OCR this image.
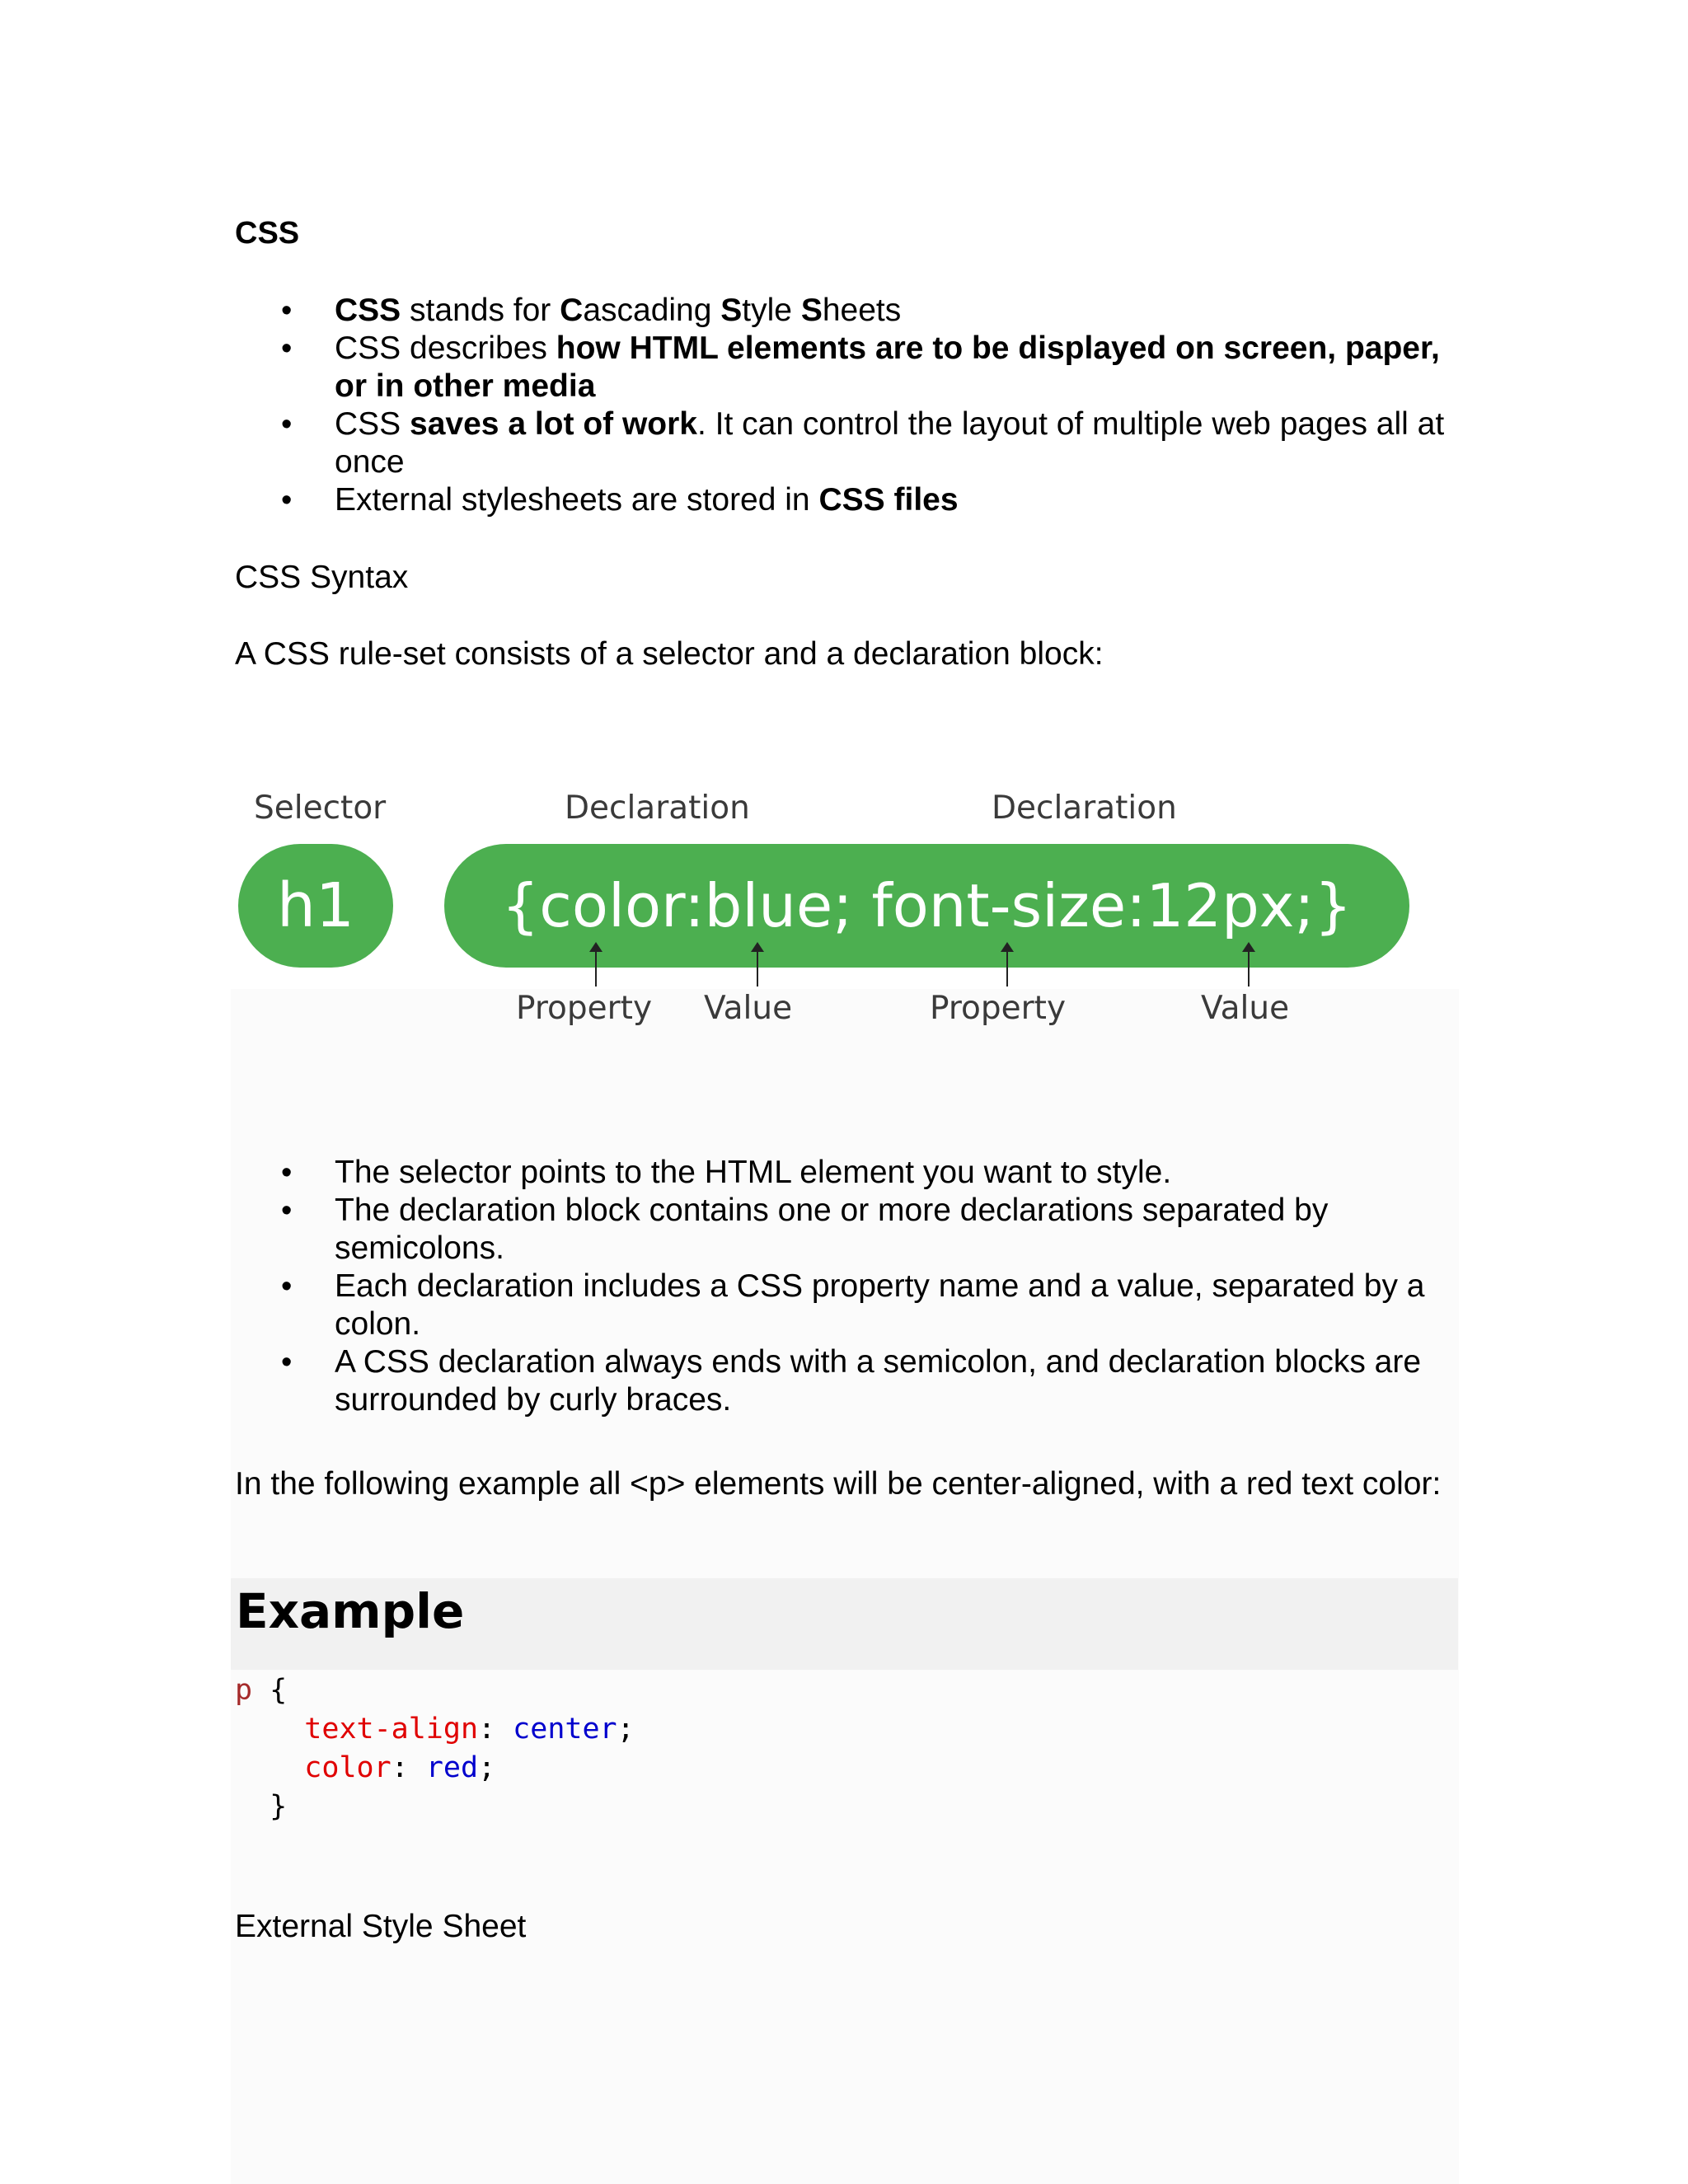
CSS
• CSS stands for Cascading Style Sheets
• CSS describes how HTML elements are to be displayed on screen, paper, or in other media
• CSS saves a lot of work. It can control the layout of multiple web pages all at once
• External stylesheets are stored in CSS files

CSS Syntax

A CSS rule-set consists of a selector and a declaration block:

Selector	Declaration	Declaration
h1	{color:blue; font-size:12px;}
Property Value	Property	Value
• The selector points to the HTML element you want to style.
• The declaration block contains one or more declarations separated by semicolons.
• Each declaration includes a CSS property name and a value, separated by a colon.
• A CSS declaration always ends with a semicolon, and declaration blocks are surrounded by curly braces.

In the following example all <p> elements will be center-aligned, with a red text color:

Example
p {
text-align: center;
color: red;
}

External Style Sheet
